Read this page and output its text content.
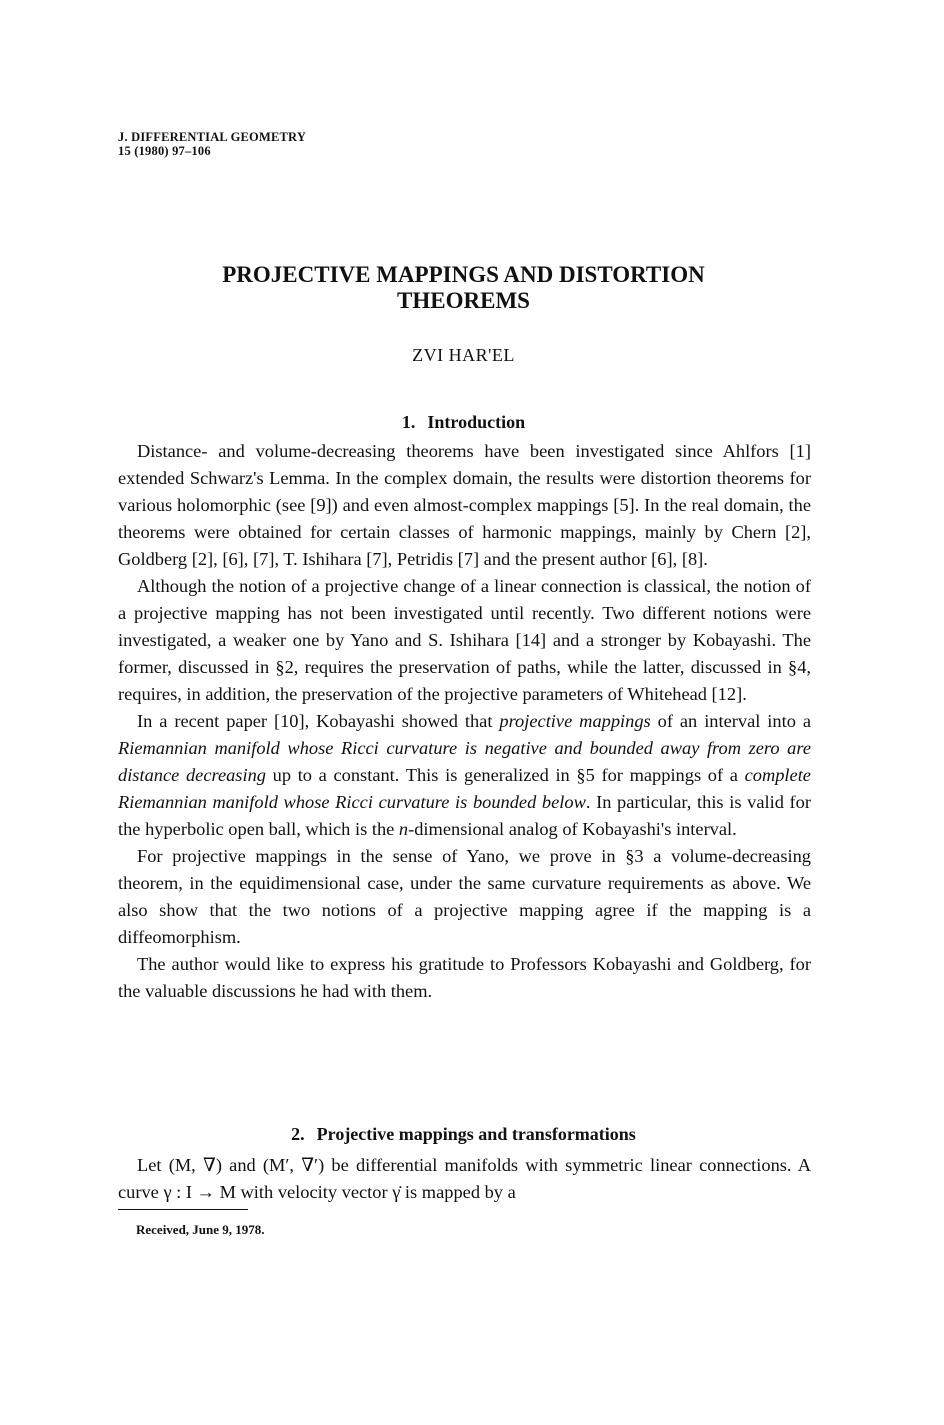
J. DIFFERENTIAL GEOMETRY
15 (1980) 97–106
PROJECTIVE MAPPINGS AND DISTORTION
THEOREMS
ZVI HAR'EL
1. Introduction

Distance- and volume-decreasing theorems have been investigated since Ahlfors [1] extended Schwarz's Lemma. In the complex domain, the results were distortion theorems for various holomorphic (see [9]) and even almost-complex mappings [5]. In the real domain, the theorems were obtained for certain classes of harmonic mappings, mainly by Chern [2], Goldberg [2], [6], [7], T. Ishihara [7], Petridis [7] and the present author [6], [8].

Although the notion of a projective change of a linear connection is classical, the notion of a projective mapping has not been investigated until recently. Two different notions were investigated, a weaker one by Yano and S. Ishihara [14] and a stronger by Kobayashi. The former, discussed in §2, requires the preservation of paths, while the latter, discussed in §4, requires, in addition, the preservation of the projective parameters of Whitehead [12].

In a recent paper [10], Kobayashi showed that projective mappings of an interval into a Riemannian manifold whose Ricci curvature is negative and bounded away from zero are distance decreasing up to a constant. This is generalized in §5 for mappings of a complete Riemannian manifold whose Ricci curvature is bounded below. In particular, this is valid for the hyperbolic open ball, which is the n-dimensional analog of Kobayashi's interval.

For projective mappings in the sense of Yano, we prove in §3 a volume-decreasing theorem, in the equidimensional case, under the same curvature requirements as above. We also show that the two notions of a projective mapping agree if the mapping is a diffeomorphism.

The author would like to express his gratitude to Professors Kobayashi and Goldberg, for the valuable discussions he had with them.

2. Projective mappings and transformations

Let (M, ∇) and (M′, ∇′) be differential manifolds with symmetric linear connections. A curve γ : I → M with velocity vector γ̇ is mapped by a

Received, June 9, 1978.
